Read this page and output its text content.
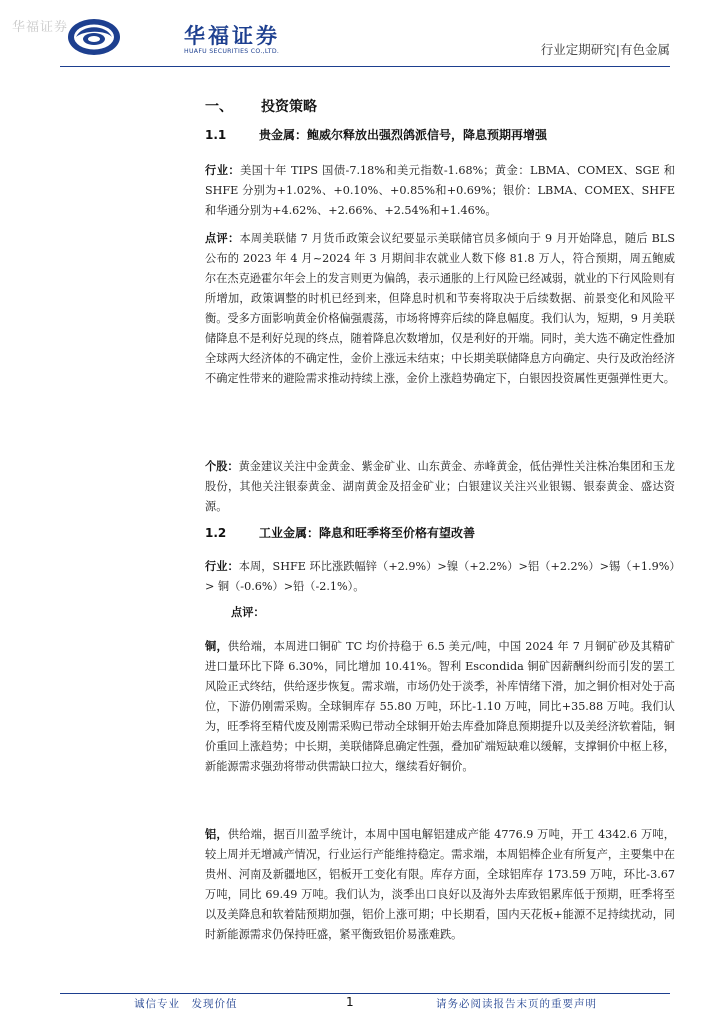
华福证券	华福证券
HUAFU SECURITIES CO.,LTD.	行业定期研究|有色金属
一、 投资策略
1.1	贵金属：鲍威尔释放出强烈鸽派信号，降息预期再增强
行业：美国十年 TIPS 国债-7.18%和美元指数-1.68%；黄金：LBMA、COMEX、SGE 和 SHFE 分别为+1.02%、+0.10%、+0.85%和+0.69%；银价：LBMA、COMEX、SHFE 和华通分别为+4.62%、+2.66%、+2.54%和+1.46%。
点评：本周美联储 7 月货币政策会议纪要显示美联储官员多倾向于 9 月开始降息，随后 BLS 公布的 2023 年 4 月~2024 年 3 月期间非农就业人数下修 81.8 万人，符合预期，周五鲍威尔在杰克逊霍尔年会上的发言则更为偏鸽，表示通胀的上行风险已经减弱，就业的下行风险则有所增加，政策调整的时机已经到来，但降息时机和节奏将取决于后续数据、前景变化和风险平衡。受多方面影响黄金价格偏强震荡，市场将博弈后续的降息幅度。我们认为，短期，9 月美联储降息不是利好兑现的终点，随着降息次数增加，仅是利好的开端。同时，美大选不确定性叠加全球两大经济体的不确定性，金价上涨远未结束；中长期美联储降息方向确定、央行及政治经济不确定性带来的避险需求推动持续上涨，金价上涨趋势确定下，白银因投资属性更强弹性更大。
个股：黄金建议关注中金黄金、紫金矿业、山东黄金、赤峰黄金，低估弹性关注株冶集团和玉龙股份，其他关注银泰黄金、湖南黄金及招金矿业；白银建议关注兴业银锡、银泰黄金、盛达资源。
1.2	工业金属：降息和旺季将至价格有望改善
行业：本周，SHFE 环比涨跌幅锌（+2.9%）>镍（+2.2%）>铝（+2.2%）>锡（+1.9%）> 铜（-0.6%）>铅（-2.1%）。
点评：
铜，供给端，本周进口铜矿 TC 均价持稳于 6.5 美元/吨，中国 2024 年 7 月铜矿砂及其精矿进口量环比下降 6.30%，同比增加 10.41%。智利 Escondida 铜矿因薪酬纠纷而引发的罢工风险正式终结，供给逐步恢复。需求端，市场仍处于淡季，补库情绪下滑，加之铜价相对处于高位，下游仍刚需采购。全球铜库存 55.80 万吨，环比-1.10 万吨，同比+35.88 万吨。我们认为，旺季将至精代废及刚需采购已带动全球铜开始去库叠加降息预期提升以及美经济软着陆，铜价重回上涨趋势；中长期，美联储降息确定性强，叠加矿端短缺难以缓解，支撑铜价中枢上移，新能源需求强劲将带动供需缺口拉大，继续看好铜价。
铝，供给端，据百川盈孚统计，本周中国电解铝建成产能 4776.9 万吨，开工 4342.6 万吨，较上周并无增减产情况，行业运行产能维持稳定。需求端，本周铝棒企业有所复产，主要集中在贵州、河南及新疆地区，铝板开工变化有限。库存方面，全球铝库存 173.59 万吨，环比-3.67 万吨，同比 69.49 万吨。我们认为，淡季出口良好以及海外去库致铝累库低于预期，旺季将至以及美降息和软着陆预期加强，铝价上涨可期；中长期看，国内天花板+能源不足持续扰动，同时新能源需求仍保持旺盛，紧平衡致铝价易涨难跌。
诚信专业　发现价值	1	请务必阅读报告末页的重要声明
